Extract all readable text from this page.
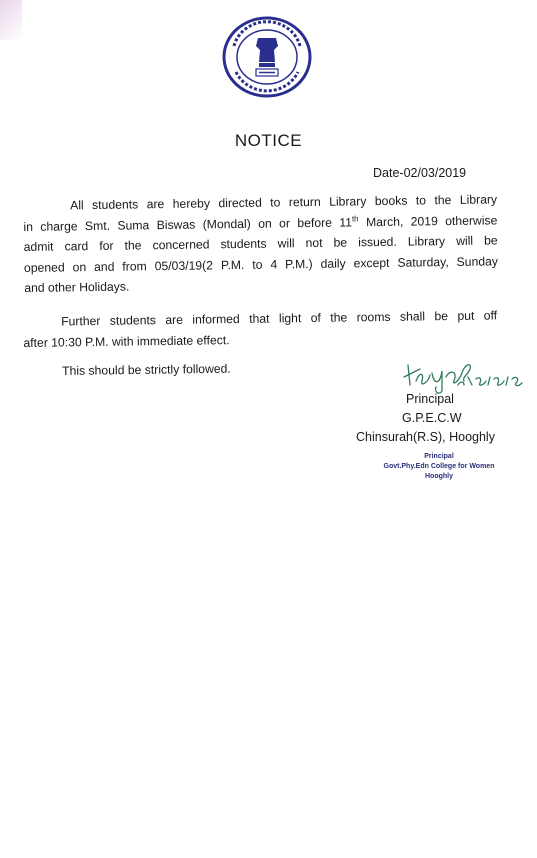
NOTICE
Date-02/03/2019
All students are hereby directed to return Library books to the Library
in charge Smt. Suma Biswas (Mondal) on or before 11th March, 2019 otherwise
admit card for the concerned students will not be issued. Library will be
opened on and from 05/03/19(2 P.M. to 4 P.M.) daily except Saturday, Sunday
and other Holidays.
Further students are informed that light of the rooms shall be put off
after 10:30 P.M. with immediate effect.
This should be strictly followed.
Principal
G.P.E.C.W
Chinsurah(R.S), Hooghly
Principal
Govt.Phy.Edn College for Women
Hooghly
